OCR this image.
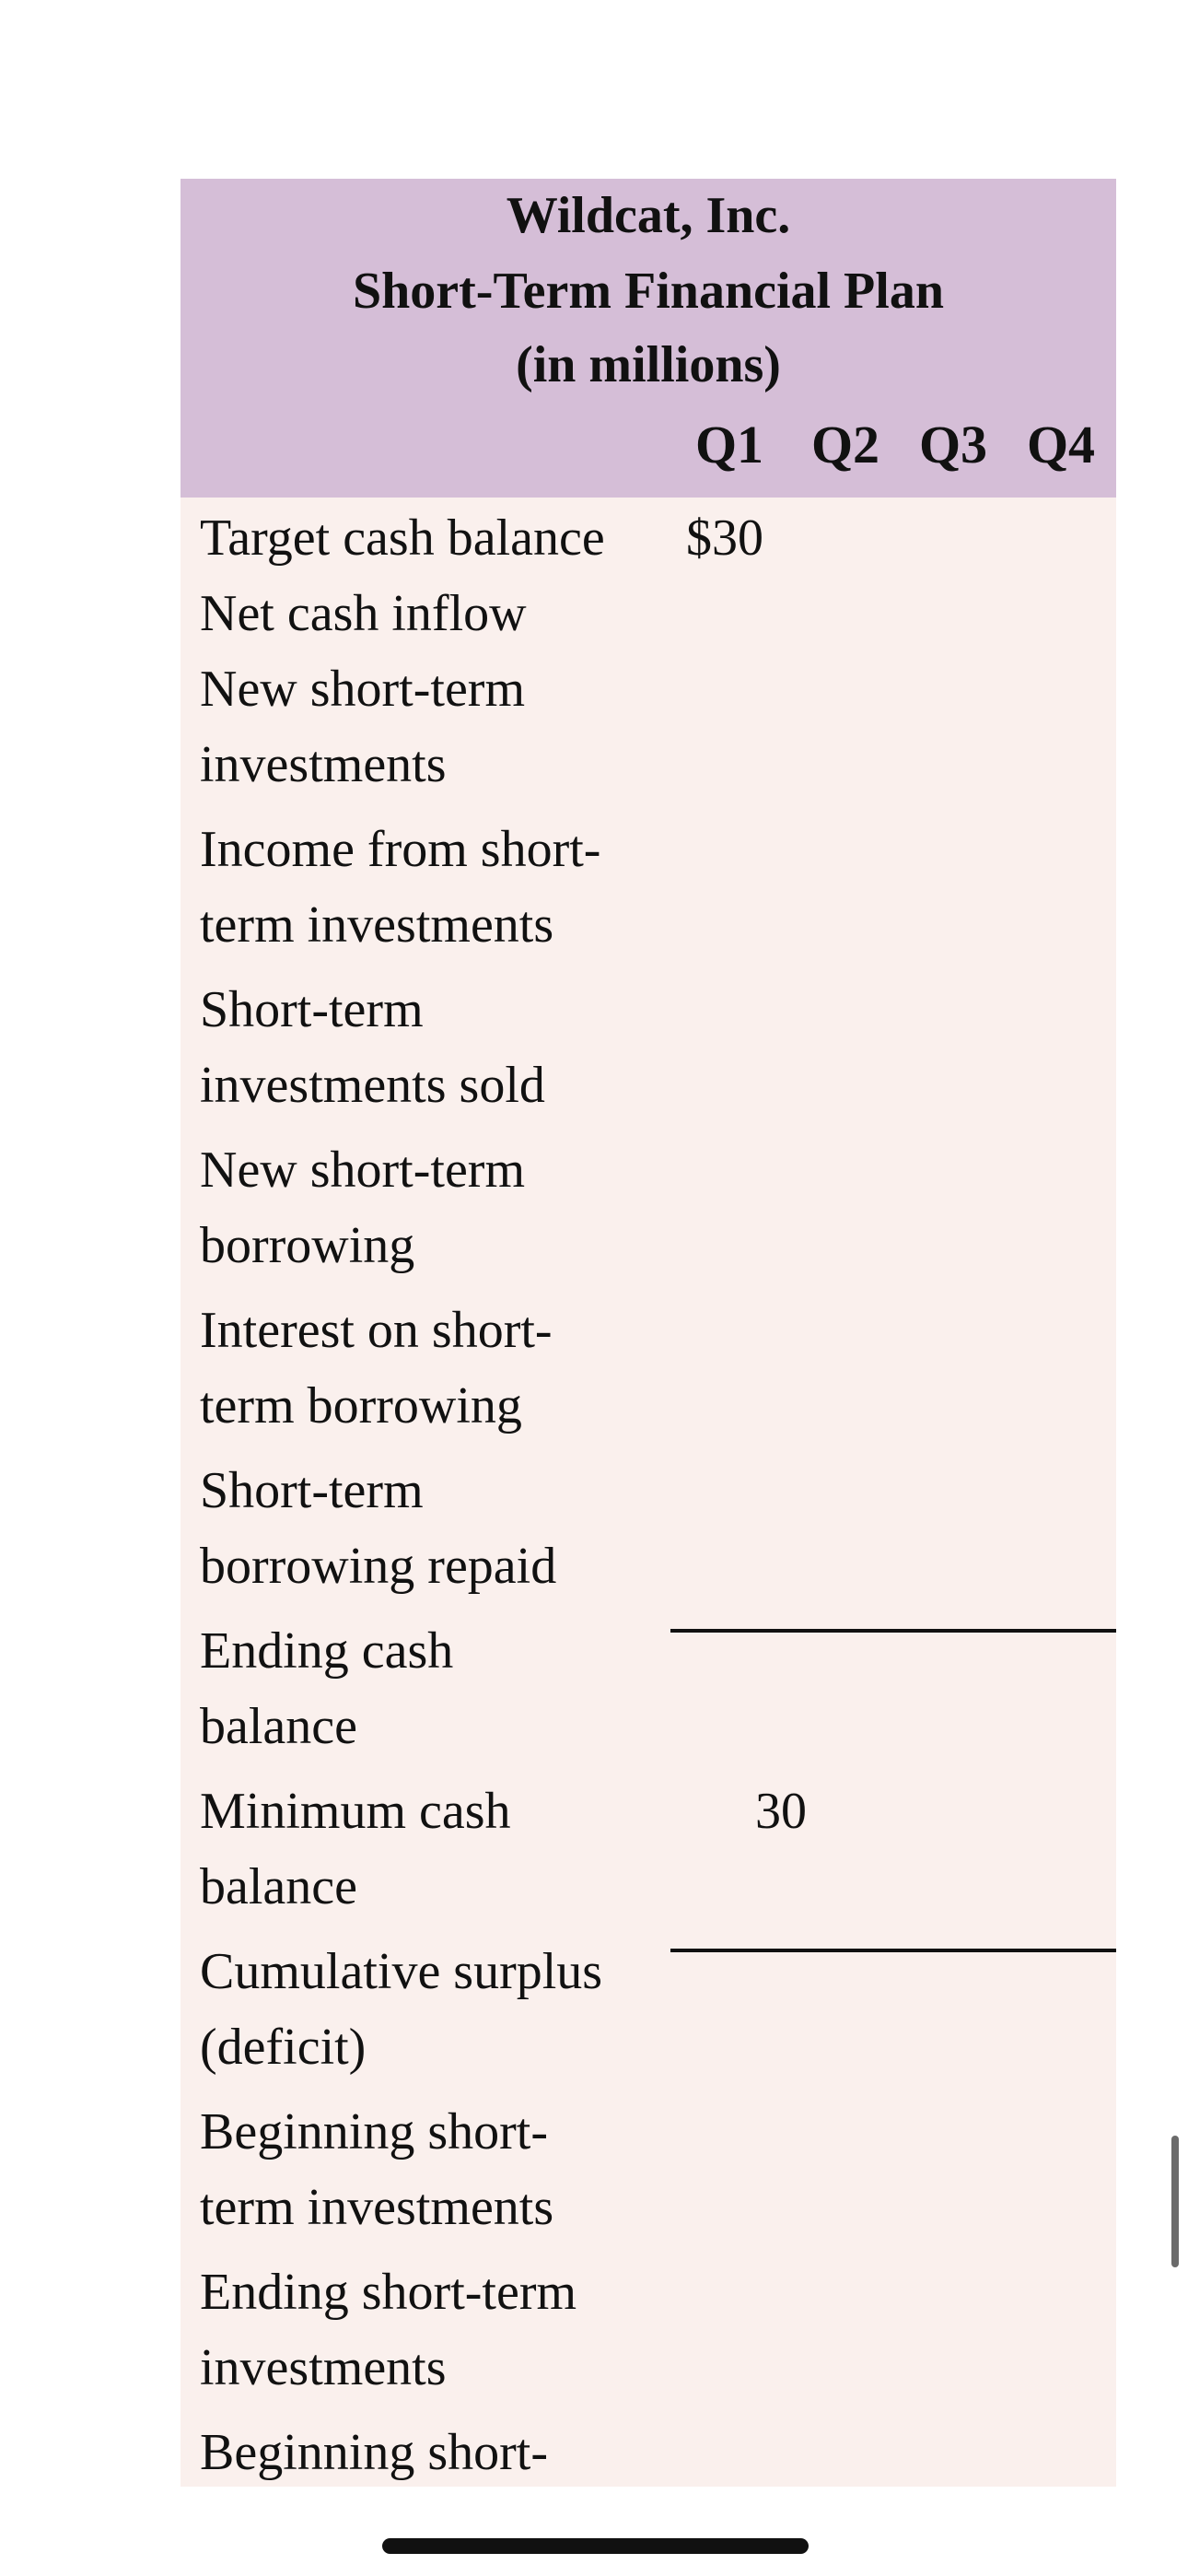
Wildcat, Inc.
Short-Term Financial Plan
(in millions)
Q1 Q2 Q3 Q4
Target cash balance	$30
Net cash inflow
New short-term
investments
Income from short-
term investments
Short-term
investments sold
New short-term
borrowing
Interest on short-
term borrowing
Short-term
borrowing repaid
Ending cash
balance
Minimum cash
balance
30
Cumulative surplus
(deficit)
Beginning short-
term investments
Ending short-term
investments
Beginning short-
